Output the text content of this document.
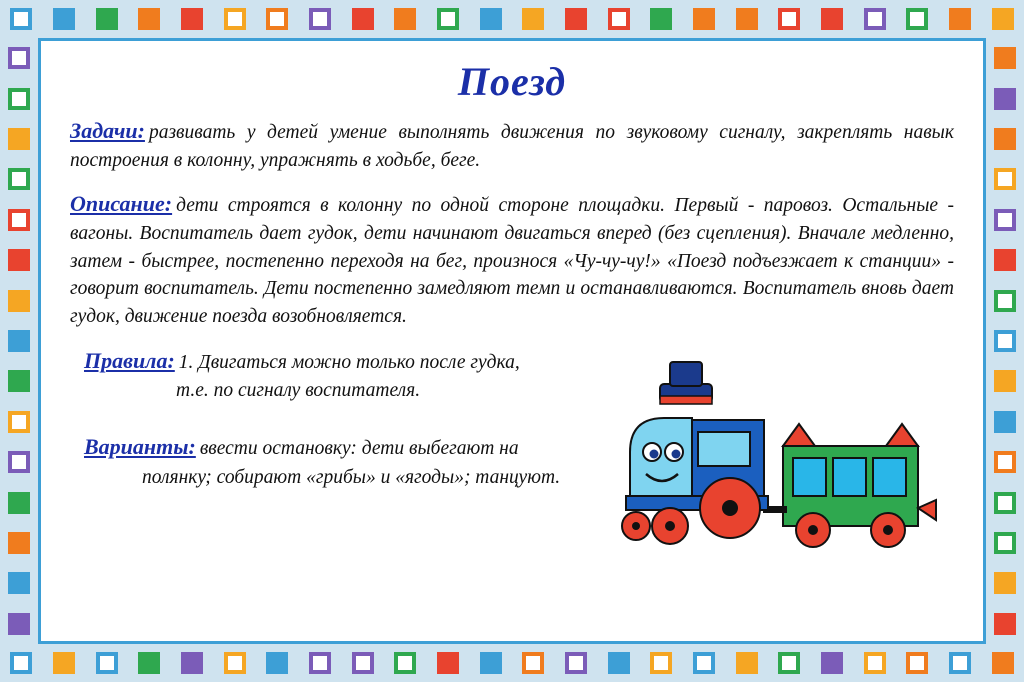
Поезд

Задачи: развивать у детей умение выполнять движения по звуковому сигналу, закреплять навык построения в колонну, упражнять в ходьбе, беге.

Описание: дети строятся в колонну по одной стороне площадки. Первый - паровоз. Остальные - вагоны. Воспитатель дает гудок, дети начинают двигаться вперед (без сцепления). Вначале медленно, затем - быстрее, постепенно переходя на бег, произнося «Чу-чу-чу!» «Поезд подъезжает к станции» - говорит воспитатель. Дети постепенно замедляют темп и останавливаются. Воспитатель вновь дает гудок, движение поезда возобновляется.

Правила: 1. Двигаться можно только после гудка,
т.е. по сигналу воспитателя.
Варианты: ввести остановку: дети выбегают на
полянку; собирают «грибы» и «ягоды»; танцуют.
